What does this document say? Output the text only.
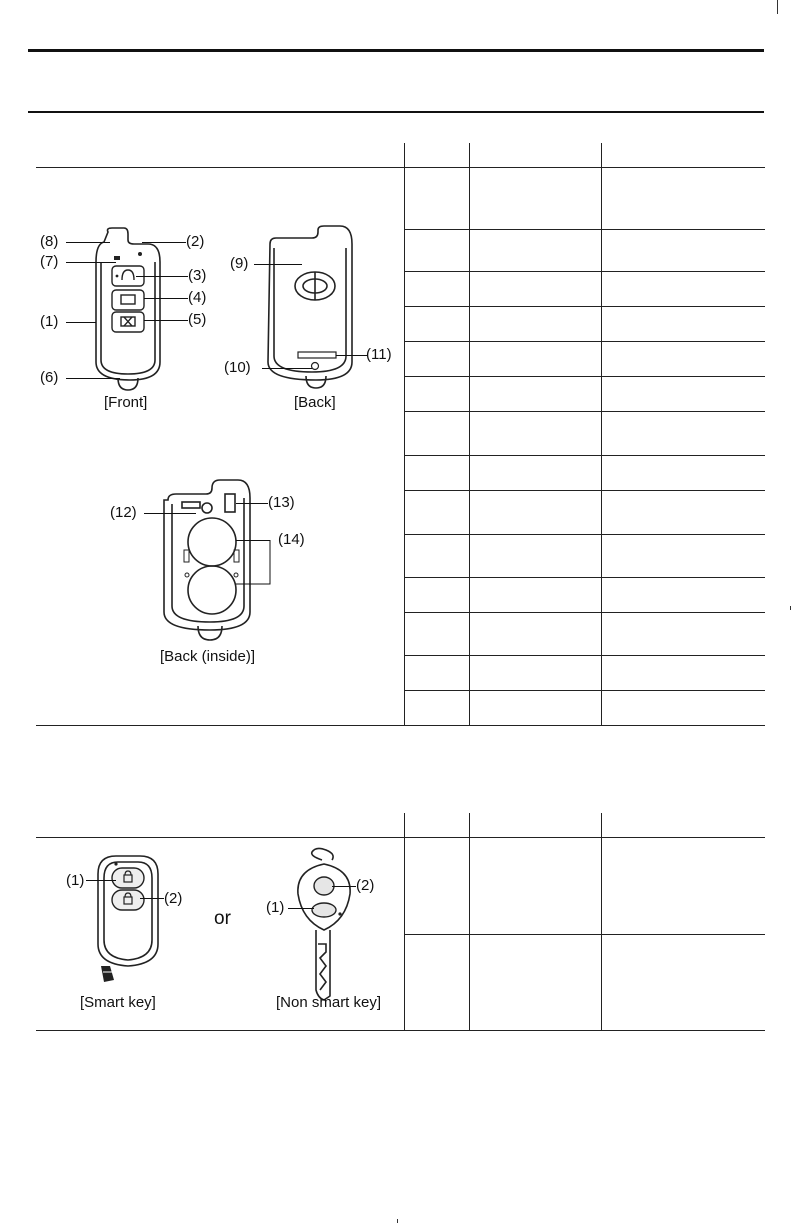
(8)	(2)
(7)
(3)
(4)
(1)	(5)
(6)
[Front]
(9)
(10)
(11)
[Back]
(12)
(13)
(14)
[Back (inside)]
(1)
(2)
[Smart key]
or
(2)
(1)
[Non smart key]
